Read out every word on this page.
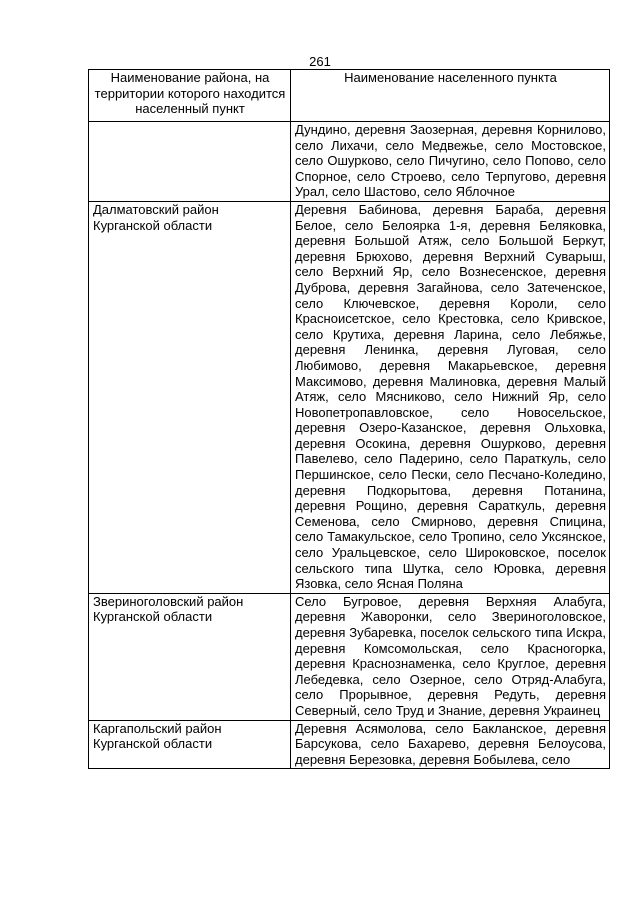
261
Наименование района, на территории которого находится населенный пункт	Наименование населенного пункта
	Дундино, деревня Заозерная, деревня Корнилово, село Лихачи, село Медвежье, село Мостовское, село Ошурково, село Пичугино, село Попово, село Спорное, село Строево, село Терпугово, деревня Урал, село Шастово, село Яблочное
Далматовский район Курганской области	Деревня Бабинова, деревня Бараба, деревня Белое, село Белоярка 1-я, деревня Беляковка, деревня Большой Атяж, село Большой Беркут, деревня Брюхово, деревня Верхний Суварыш, село Верхний Яр, село Вознесенское, деревня Дуброва, деревня Загайнова, село Затеченское, село Ключевское, деревня Короли, село Красноисетское, село Крестовка, село Кривское, село Крутиха, деревня Ларина, село Лебяжье, деревня Ленинка, деревня Луговая, село Любимово, деревня Макарьевское, деревня Максимово, деревня Малиновка, деревня Малый Атяж, село Мясниково, село Нижний Яр, село Новопетропавловское, село Новосельское, деревня Озеро-Казанское, деревня Ольховка, деревня Осокина, деревня Ошурково, деревня Павелево, село Падерино, село Параткуль, село Першинское, село Пески, село Песчано-Коледино, деревня Подкорытова, деревня Потанина, деревня Рощино, деревня Сараткуль, деревня Семенова, село Смирново, деревня Спицина, село Тамакульское, село Тропино, село Уксянское, село Уральцевское, село Широковское, поселок сельского типа Шутка, село Юровка, деревня Язовка, село Ясная Поляна
Звериноголовский район Курганской области	Село Бугровое, деревня Верхняя Алабуга, деревня Жаворонки, село Звериноголовское, деревня Зубаревка, поселок сельского типа Искра, деревня Комсомольская, село Красногорка, деревня Краснознаменка, село Круглое, деревня Лебедевка, село Озерное, село Отряд-Алабуга, село Прорывное, деревня Редуть, деревня Северный, село Труд и Знание, деревня Украинец
Каргапольский район Курганской области	Деревня Асямолова, село Бакланское, деревня Барсукова, село Бахарево, деревня Белоусова, деревня Березовка, деревня Бобылева, село
